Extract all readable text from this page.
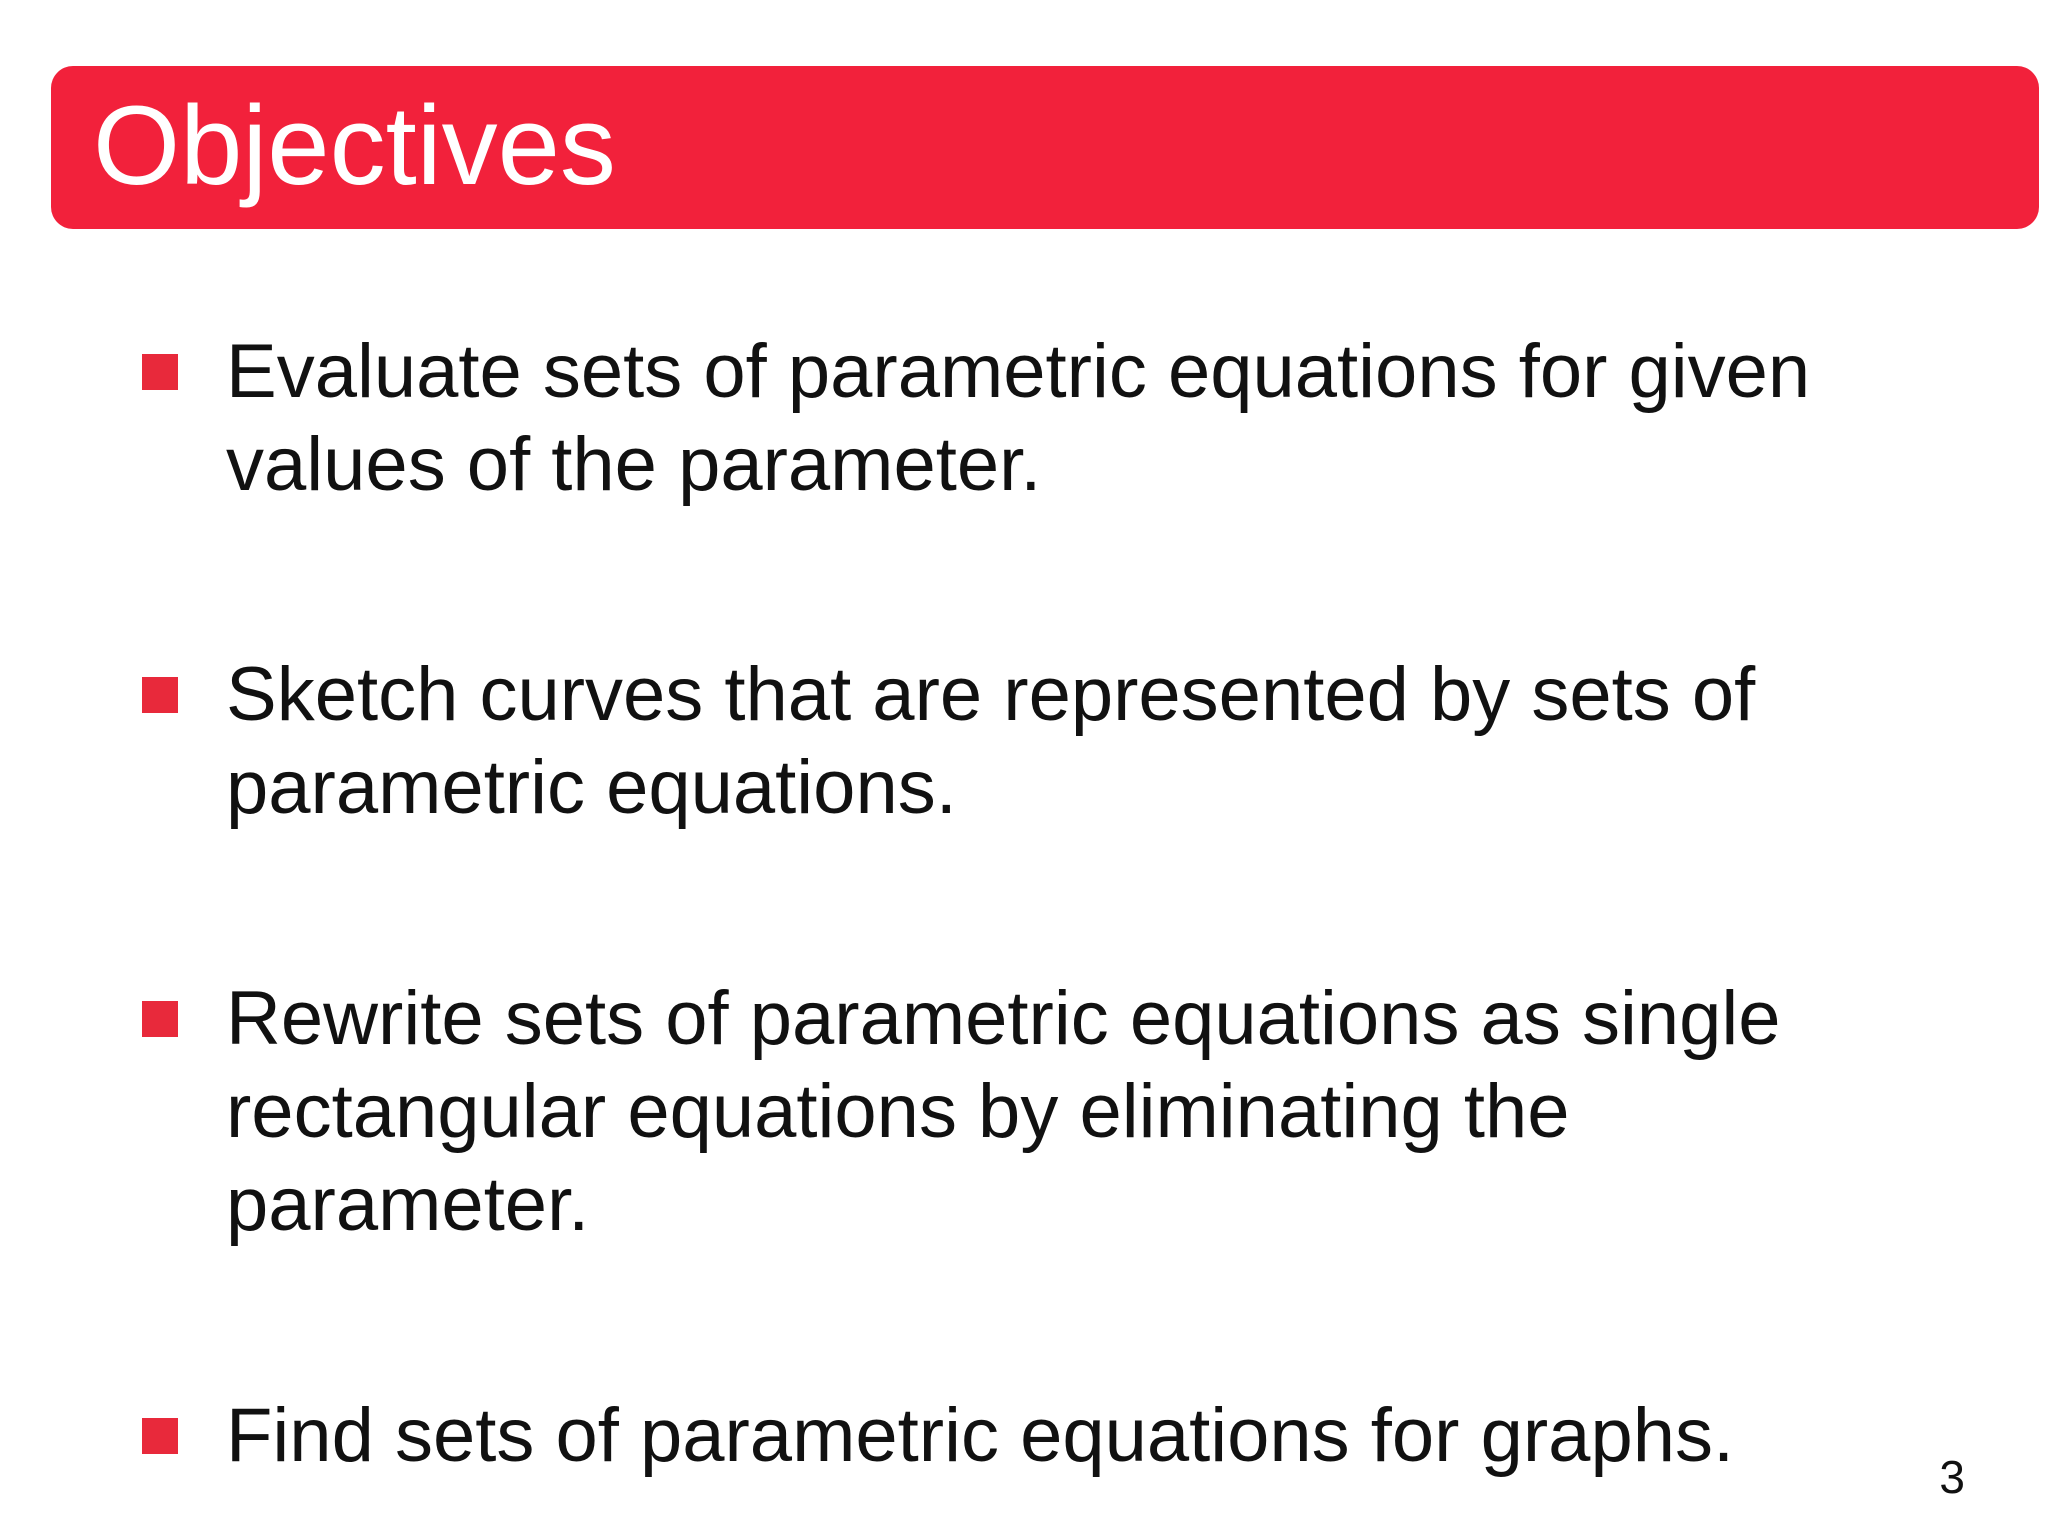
Objectives
Evaluate sets of parametric equations for given
values of the parameter.
Sketch curves that are represented by sets of
parametric equations.
Rewrite sets of parametric equations as single
rectangular equations by eliminating the
parameter.
Find sets of parametric equations for graphs.	3
